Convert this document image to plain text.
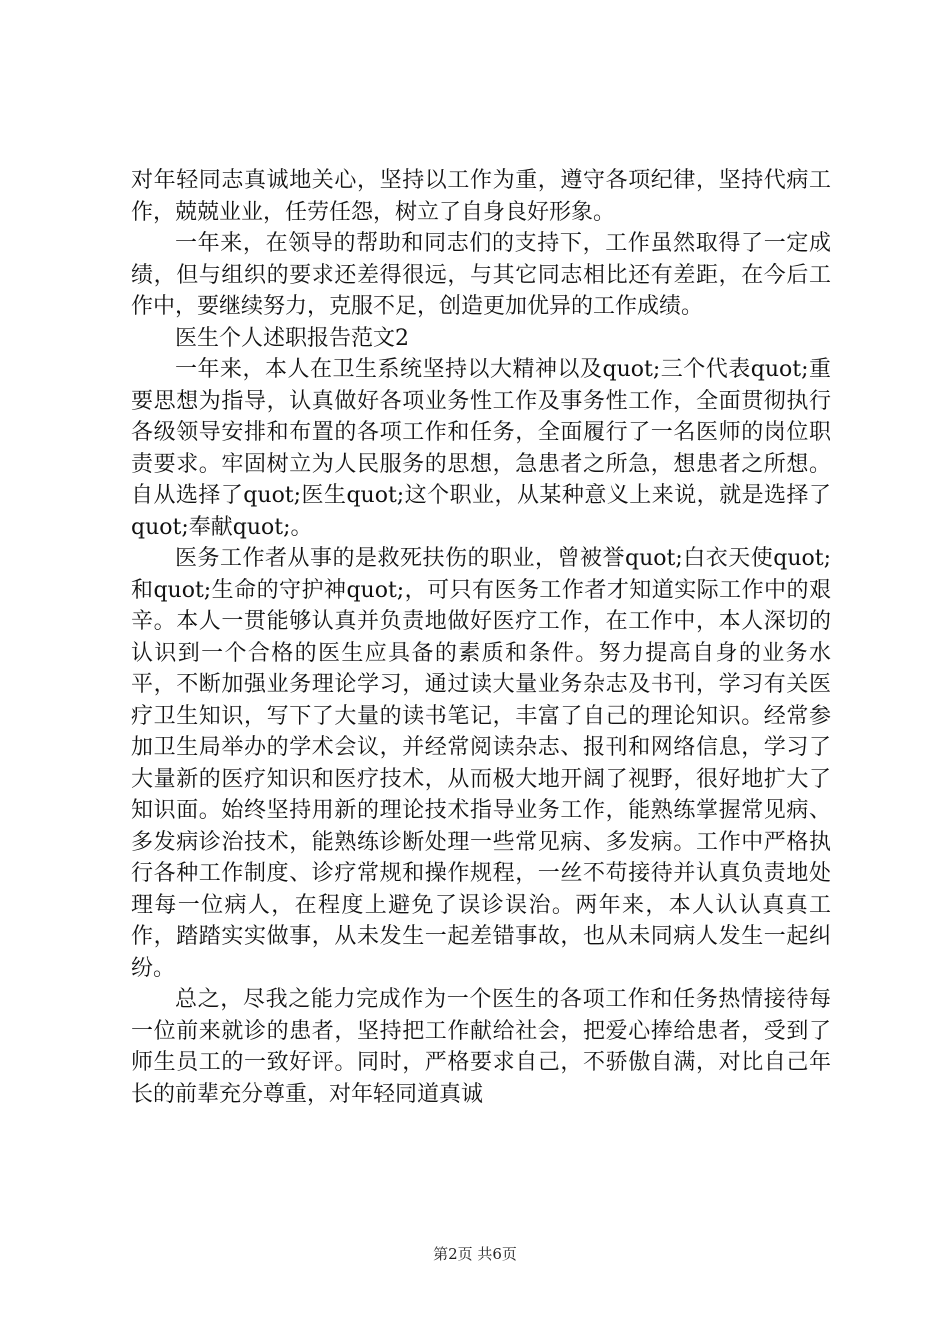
对年轻同志真诚地关心，坚持以工作为重，遵守各项纪律，坚持代病工作，兢兢业业，任劳任怨，树立了自身良好形象。

一年来，在领导的帮助和同志们的支持下，工作虽然取得了一定成绩，但与组织的要求还差得很远，与其它同志相比还有差距，在今后工作中，要继续努力，克服不足，创造更加优异的工作成绩。

医生个人述职报告范文2

一年来，本人在卫生系统坚持以大精神以及quot;三个代表quot;重要思想为指导，认真做好各项业务性工作及事务性工作，全面贯彻执行各级领导安排和布置的各项工作和任务，全面履行了一名医师的岗位职责要求。牢固树立为人民服务的思想，急患者之所急，想患者之所想。自从选择了quot;医生quot;这个职业，从某种意义上来说，就是选择了quot;奉献quot;。

医务工作者从事的是救死扶伤的职业，曾被誉quot;白衣天使quot;和quot;生命的守护神quot;，可只有医务工作者才知道实际工作中的艰辛。本人一贯能够认真并负责地做好医疗工作，在工作中，本人深切的认识到一个合格的医生应具备的素质和条件。努力提高自身的业务水平，不断加强业务理论学习，通过读大量业务杂志及书刊，学习有关医疗卫生知识，写下了大量的读书笔记，丰富了自己的理论知识。经常参加卫生局举办的学术会议，并经常阅读杂志、报刊和网络信息，学习了大量新的医疗知识和医疗技术，从而极大地开阔了视野，很好地扩大了知识面。始终坚持用新的理论技术指导业务工作，能熟练掌握常见病、多发病诊治技术，能熟练诊断处理一些常见病、多发病。工作中严格执行各种工作制度、诊疗常规和操作规程，一丝不苟接待并认真负责地处理每一位病人，在程度上避免了误诊误治。两年来，本人认认真真工作，踏踏实实做事，从未发生一起差错事故，也从未同病人发生一起纠纷。

总之，尽我之能力完成作为一个医生的各项工作和任务热情接待每一位前来就诊的患者，坚持把工作献给社会，把爱心捧给患者，受到了师生员工的一致好评。同时，严格要求自己，不骄傲自满，对比自己年长的前辈充分尊重，对年轻同道真诚

第2页 共6页
